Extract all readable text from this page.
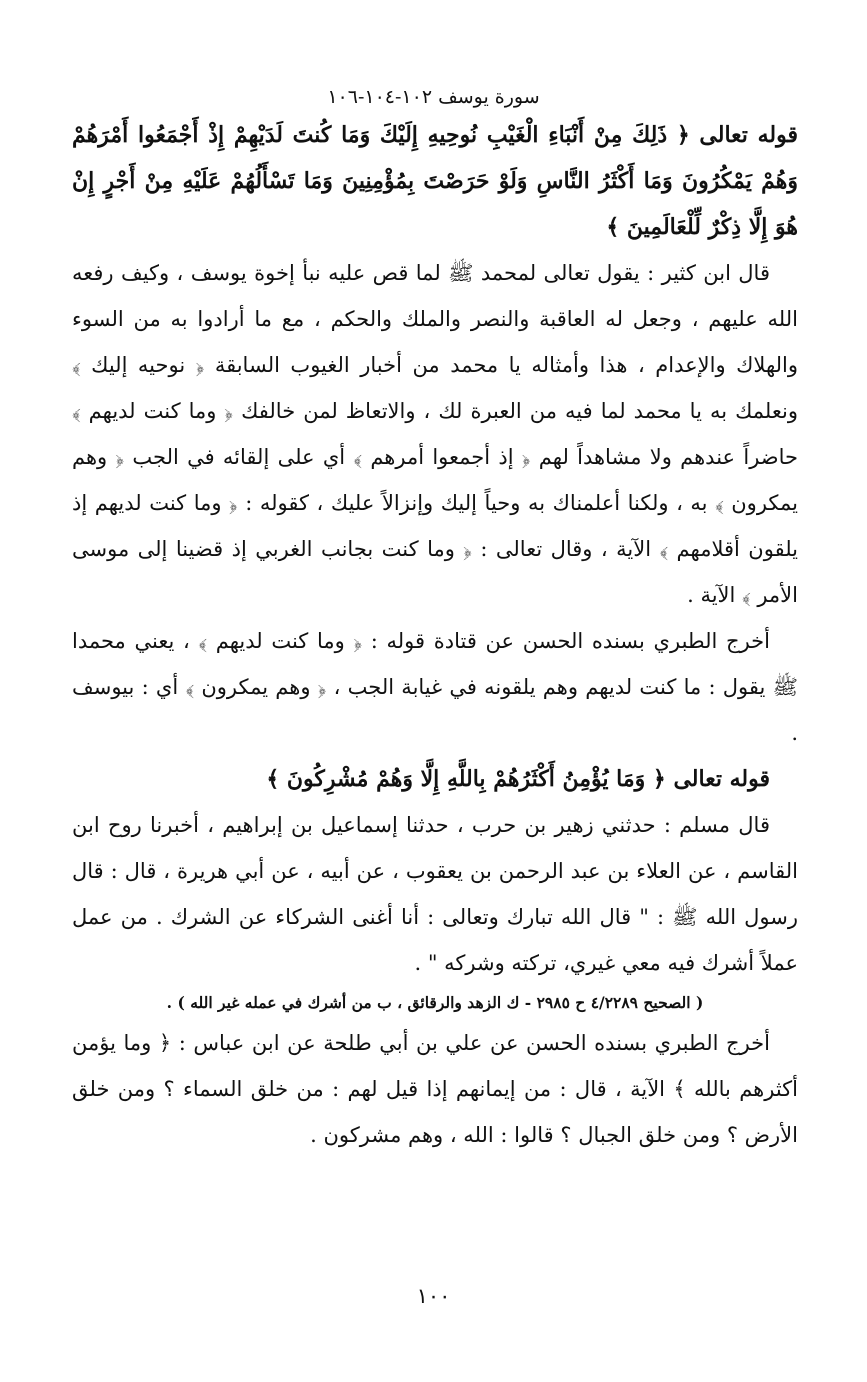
سورة يوسف ١٠٢-١٠٤-١٠٦

قوله تعالى ﴿ ذَلِكَ مِنْ أَنْبَاءِ الْغَيْبِ نُوحِيهِ إِلَيْكَ وَمَا كُنتَ لَدَيْهِمْ إِذْ أَجْمَعُوا أَمْرَهُمْ وَهُمْ يَمْكُرُونَ وَمَا أَكْثَرُ النَّاسِ وَلَوْ حَرَصْتَ بِمُؤْمِنِينَ وَمَا تَسْأَلُهُمْ عَلَيْهِ مِنْ أَجْرٍ إِنْ هُوَ إِلَّا ذِكْرٌ لِّلْعَالَمِينَ ﴾

قال ابن كثير : يقول تعالى لمحمد ﷺ لما قص عليه نبأ إخوة يوسف ، وكيف رفعه الله عليهم ، وجعل له العاقبة والنصر والملك والحكم ، مع ما أرادوا به من السوء والهلاك والإعدام ، هذا وأمثاله يا محمد من أخبار الغيوب السابقة ﴿ نوحيه إليك ﴾ ونعلمك به يا محمد لما فيه من العبرة لك ، والاتعاظ لمن خالفك ﴿ وما كنت لديهم ﴾ حاضراً عندهم ولا مشاهداً لهم ﴿ إذ أجمعوا أمرهم ﴾ أي على إلقائه في الجب ﴿ وهم يمكرون ﴾ به ، ولكنا أعلمناك به وحياً إليك وإنزالاً عليك ، كقوله : ﴿ وما كنت لديهم إذ يلقون أقلامهم ﴾ الآية ، وقال تعالى : ﴿ وما كنت بجانب الغربي إذ قضينا إلى موسى الأمر ﴾ الآية .

أخرج الطبري بسنده الحسن عن قتادة قوله : ﴿ وما كنت لديهم ﴾ ، يعني محمدا ﷺ يقول : ما كنت لديهم وهم يلقونه في غيابة الجب ، ﴿ وهم يمكرون ﴾ أي : بيوسف .

قوله تعالى ﴿ وَمَا يُؤْمِنُ أَكْثَرُهُمْ بِاللَّهِ إِلَّا وَهُمْ مُشْرِكُونَ ﴾

قال مسلم : حدثني زهير بن حرب ، حدثنا إسماعيل بن إبراهيم ، أخبرنا روح ابن القاسم ، عن العلاء بن عبد الرحمن بن يعقوب ، عن أبيه ، عن أبي هريرة ، قال : قال رسول الله ﷺ : " قال الله تبارك وتعالى : أنا أغنى الشركاء عن الشرك . من عمل عملاً أشرك فيه معي غيري، تركته وشركه " .

( الصحيح ٤/٢٢٨٩ ح ٢٩٨٥ - ك الزهد والرقائق ، ب من أشرك في عمله غير الله ) .

أخرج الطبري بسنده الحسن عن علي بن أبي طلحة عن ابن عباس : ﴿ وما يؤمن أكثرهم بالله ﴾ الآية ، قال : من إيمانهم إذا قيل لهم : من خلق السماء ؟ ومن خلق الأرض ؟ ومن خلق الجبال ؟ قالوا : الله ، وهم مشركون .

١٠٠
